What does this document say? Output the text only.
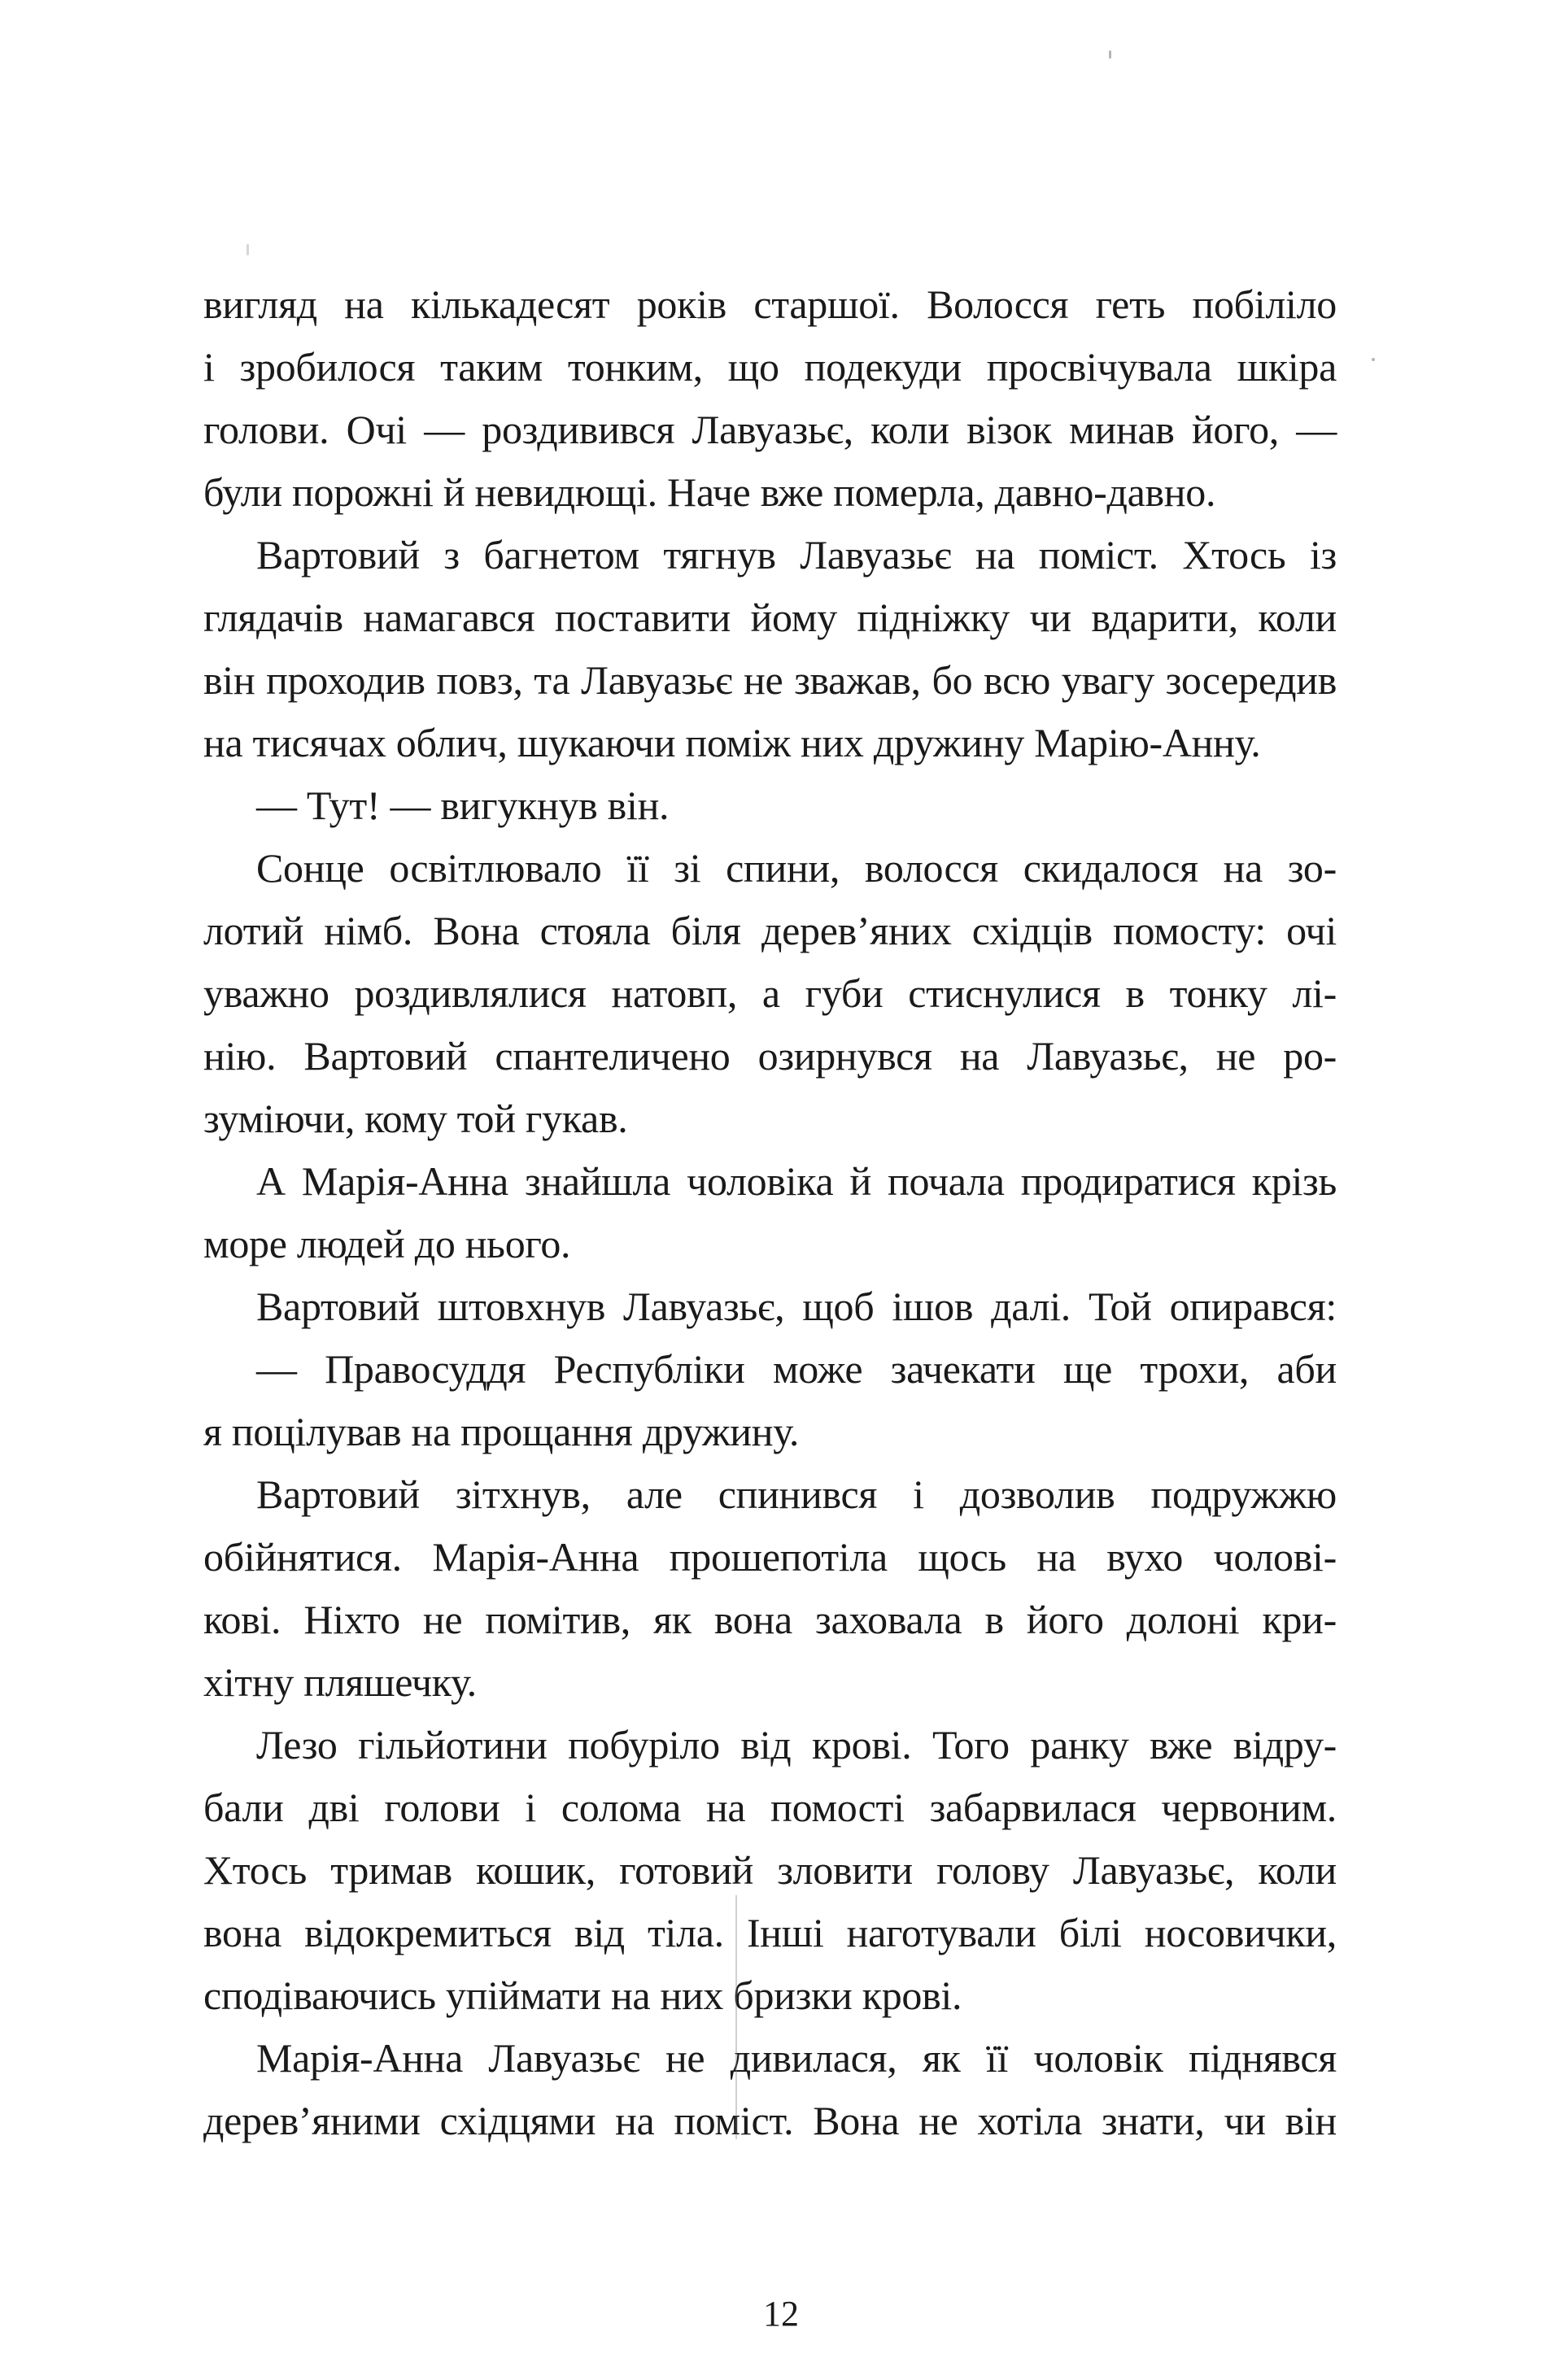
вигляд на кількадесят років старшої. Волосся геть побіліло
і зробилося таким тонким, що подекуди просвічувала шкіра
голови. Очі — роздивився Лавуазьє, коли візок минав його, —
були порожні й невидющі. Наче вже померла, давно-давно.
Вартовий з багнетом тягнув Лавуазьє на поміст. Хтось із
глядачів намагався поставити йому підніжку чи вдарити, коли
він проходив повз, та Лавуазьє не зважав, бо всю увагу зосередив
на тисячах облич, шукаючи поміж них дружину Марію-Анну.
— Тут! — вигукнув він.
Сонце освітлювало її зі спини, волосся скидалося на зо-
лотий німб. Вона стояла біля дерев’яних східців помосту: очі
уважно роздивлялися натовп, а губи стиснулися в тонку лі-
нію. Вартовий спантеличено озирнувся на Лавуазьє, не ро-
зуміючи, кому той гукав.
А Марія-Анна знайшла чоловіка й почала продиратися крізь
море людей до нього.
Вартовий штовхнув Лавуазьє, щоб ішов далі. Той опирався:
— Правосуддя Республіки може зачекати ще трохи, аби
я поцілував на прощання дружину.
Вартовий зітхнув, але спинився і дозволив подружжю
обійнятися. Марія-Анна прошепотіла щось на вухо чолові-
кові. Ніхто не помітив, як вона заховала в його долоні кри-
хітну пляшечку.
Лезо гільйотини побуріло від крові. Того ранку вже відру-
бали дві голови і солома на помості забарвилася червоним.
Хтось тримав кошик, готовий зловити голову Лавуазьє, коли
вона відокремиться від тіла. Інші наготували білі носовички,
сподіваючись упіймати на них бризки крові.
Марія-Анна Лавуазьє не дивилася, як її чоловік піднявся
дерев’яними східцями на поміст. Вона не хотіла знати, чи він
12
